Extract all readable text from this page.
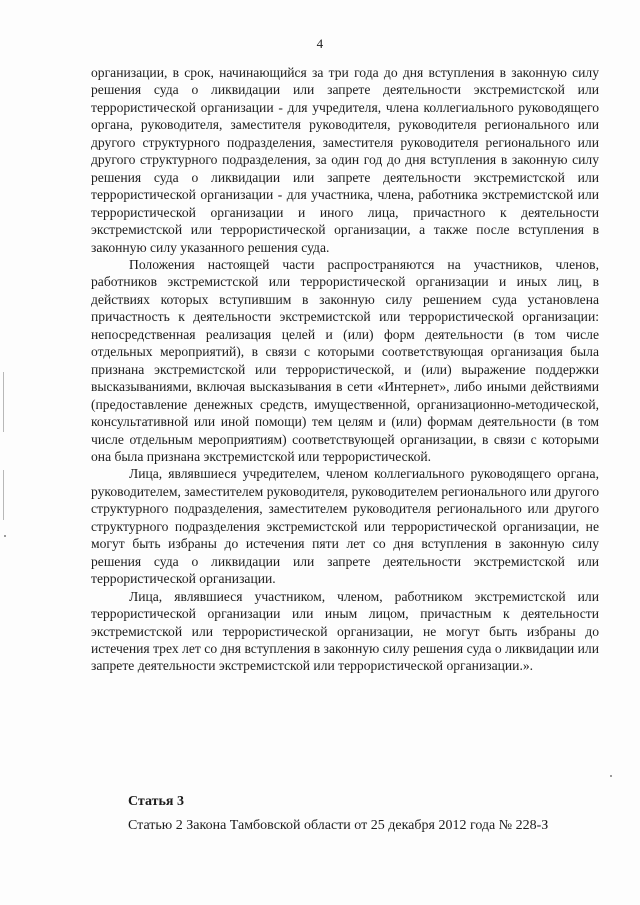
4

организации, в срок, начинающийся за три года до дня вступления в законную силу решения суда о ликвидации или запрете деятельности экстремистской или террористической организации - для учредителя, члена коллегиального руководящего органа, руководителя, заместителя руководителя, руководителя регионального или другого структурного подразделения, заместителя руководителя регионального или другого структурного подразделения, за один год до дня вступления в законную силу решения суда о ликвидации или запрете деятельности экстремистской или террористической организации - для участника, члена, работника экстремистской или террористической организации и иного лица, причастного к деятельности экстремистской или террористической организации, а также после вступления в законную силу указанного решения суда.

Положения настоящей части распространяются на участников, членов, работников экстремистской или террористической организации и иных лиц, в действиях которых вступившим в законную силу решением суда установлена причастность к деятельности экстремистской или террористической организации: непосредственная реализация целей и (или) форм деятельности (в том числе отдельных мероприятий), в связи с которыми соответствующая организация была признана экстремистской или террористической, и (или) выражение поддержки высказываниями, включая высказывания в сети «Интернет», либо иными действиями (предоставление денежных средств, имущественной, организационно-методической, консультативной или иной помощи) тем целям и (или) формам деятельности (в том числе отдельным мероприятиям) соответствующей организации, в связи с которыми она была признана экстремистской или террористической.

Лица, являвшиеся учредителем, членом коллегиального руководящего органа, руководителем, заместителем руководителя, руководителем регионального или другого структурного подразделения, заместителем руководителя регионального или другого структурного подразделения экстремистской или террористической организации, не могут быть избраны до истечения пяти лет со дня вступления в законную силу решения суда о ликвидации или запрете деятельности экстремистской или террористической организации.

Лица, являвшиеся участником, членом, работником экстремистской или террористической организации или иным лицом, причастным к деятельности экстремистской или террористической организации, не могут быть избраны до истечения трех лет со дня вступления в законную силу решения суда о ликвидации или запрете деятельности экстремистской или террористической организации.».

Статья 3
Статью 2 Закона Тамбовской области от 25 декабря 2012 года № 228-З
